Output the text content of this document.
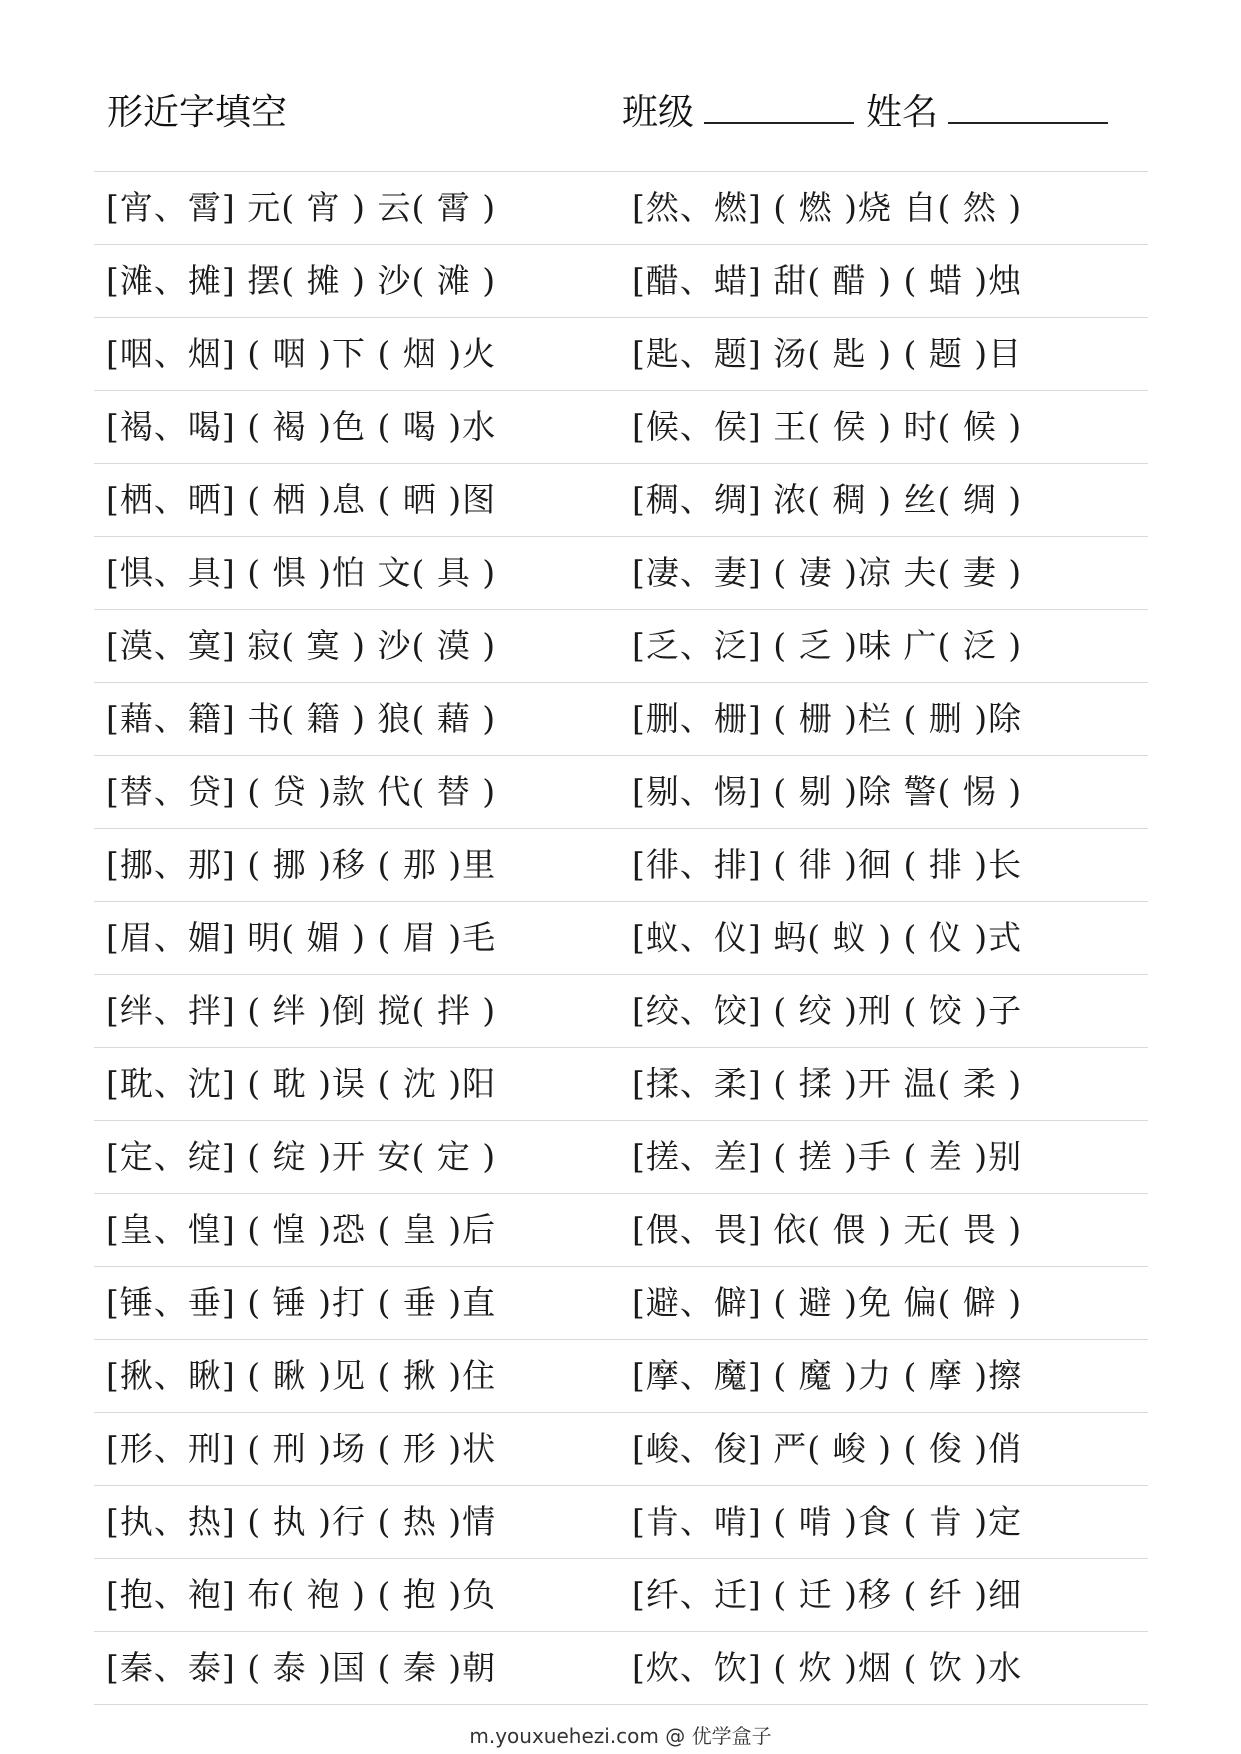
形近字填空	班级	姓名
[宵、霄] 元( 宵 ) 云( 霄 )	[然、燃] ( 燃 )烧 自( 然 )
[滩、摊] 摆( 摊 ) 沙( 滩 )	[醋、蜡] 甜( 醋 ) ( 蜡 )烛
[咽、烟] ( 咽 )下 ( 烟 )火	[匙、题] 汤( 匙 ) ( 题 )目
[褐、喝] ( 褐 )色 ( 喝 )水	[候、侯] 王( 侯 ) 时( 候 )
[栖、晒] ( 栖 )息 ( 晒 )图	[稠、绸] 浓( 稠 ) 丝( 绸 )
[惧、具] ( 惧 )怕 文( 具 )	[凄、妻] ( 凄 )凉 夫( 妻 )
[漠、寞] 寂( 寞 ) 沙( 漠 )	[乏、泛] ( 乏 )味 广( 泛 )
[藉、籍] 书( 籍 ) 狼( 藉 )	[删、栅] ( 栅 )栏 ( 删 )除
[替、贷] ( 贷 )款 代( 替 )	[剔、惕] ( 剔 )除 警( 惕 )
[挪、那] ( 挪 )移 ( 那 )里	[徘、排] ( 徘 )徊 ( 排 )长
[眉、媚] 明( 媚 ) ( 眉 )毛	[蚁、仪] 蚂( 蚁 ) ( 仪 )式
[绊、拌] ( 绊 )倒 搅( 拌 )	[绞、饺] ( 绞 )刑 ( 饺 )子
[耽、沈] ( 耽 )误 ( 沈 )阳	[揉、柔] ( 揉 )开 温( 柔 )
[定、绽] ( 绽 )开 安( 定 )	[搓、差] ( 搓 )手 ( 差 )别
[皇、惶] ( 惶 )恐 ( 皇 )后	[偎、畏] 依( 偎 ) 无( 畏 )
[锤、垂] ( 锤 )打 ( 垂 )直	[避、僻] ( 避 )免 偏( 僻 )
[揪、瞅] ( 瞅 )见 ( 揪 )住	[摩、魔] ( 魔 )力 ( 摩 )擦
[形、刑] ( 刑 )场 ( 形 )状	[峻、俊] 严( 峻 ) ( 俊 )俏
[执、热] ( 执 )行 ( 热 )情	[肯、啃] ( 啃 )食 ( 肯 )定
[抱、袍] 布( 袍 ) ( 抱 )负	[纤、迁] ( 迁 )移 ( 纤 )细
[秦、泰] ( 泰 )国 ( 秦 )朝	[炊、饮] ( 炊 )烟 ( 饮 )水
m.youxuehezi.com @ 优学盒子
